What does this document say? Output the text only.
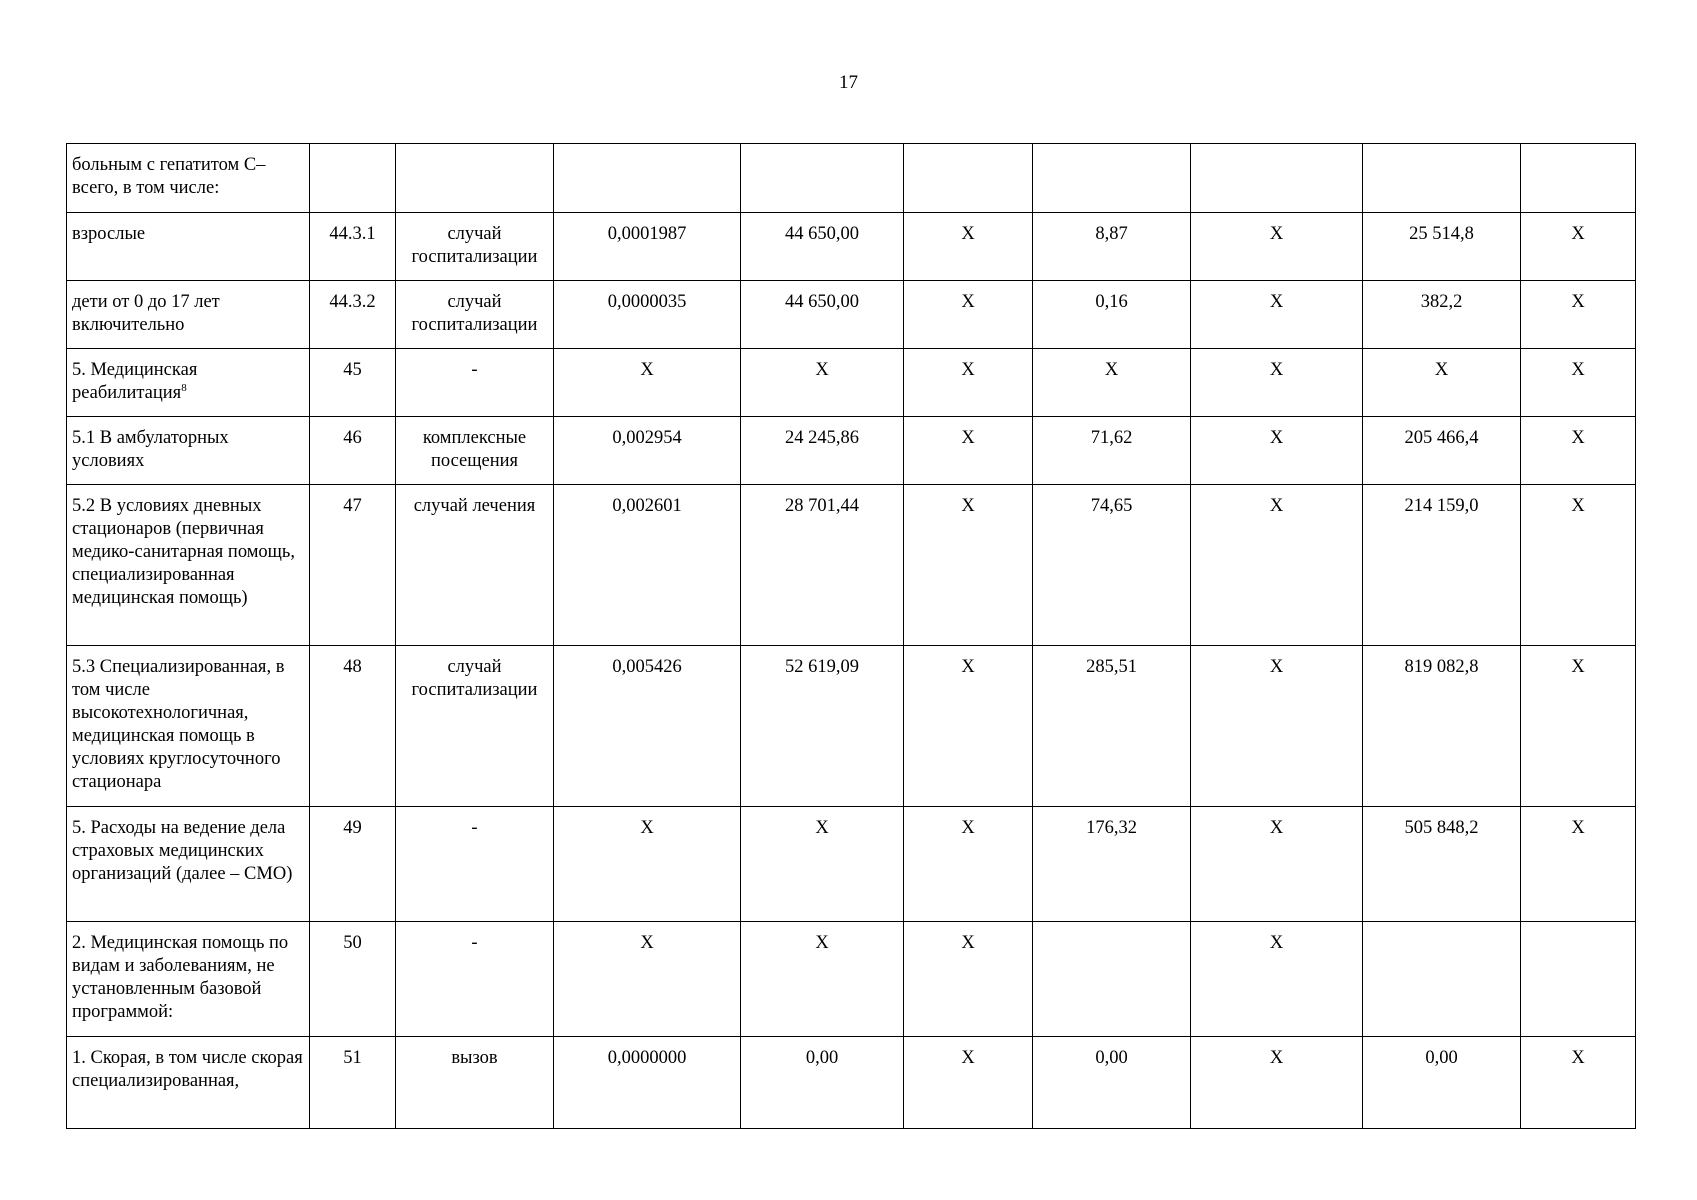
17
больным с гепатитом С–всего, в том числе:									
взрослые	44.3.1	случай госпитализации	0,0001987	44 650,00	X	8,87	X	25 514,8	X
дети от 0 до 17 лет включительно	44.3.2	случай госпитализации	0,0000035	44 650,00	X	0,16	X	382,2	X
5. Медицинская реабилитация$^8$	45	-	X	X	X	X	X	X	X
5.1 В амбулаторных условиях	46	комплексные посещения	0,002954	24 245,86	X	71,62	X	205 466,4	X
5.2 В условиях дневных стационаров (первичная медико-санитарная помощь, специализированная медицинская помощь)	47	случай лечения	0,002601	28 701,44	X	74,65	X	214 159,0	X
5.3 Специализированная, в том числе высокотехнологичная, медицинская помощь в условиях круглосуточного стационара	48	случай госпитализации	0,005426	52 619,09	X	285,51	X	819 082,8	X
5. Расходы на ведение дела страховых медицинских организаций (далее – СМО)	49	-	X	X	X	176,32	X	505 848,2	X
2. Медицинская помощь по видам и заболеваниям, не установленным базовой программой:	50	-	X	X	X		X		
1. Скорая, в том числе скорая специализированная,	51	вызов	0,0000000	0,00	X	0,00	X	0,00	X
